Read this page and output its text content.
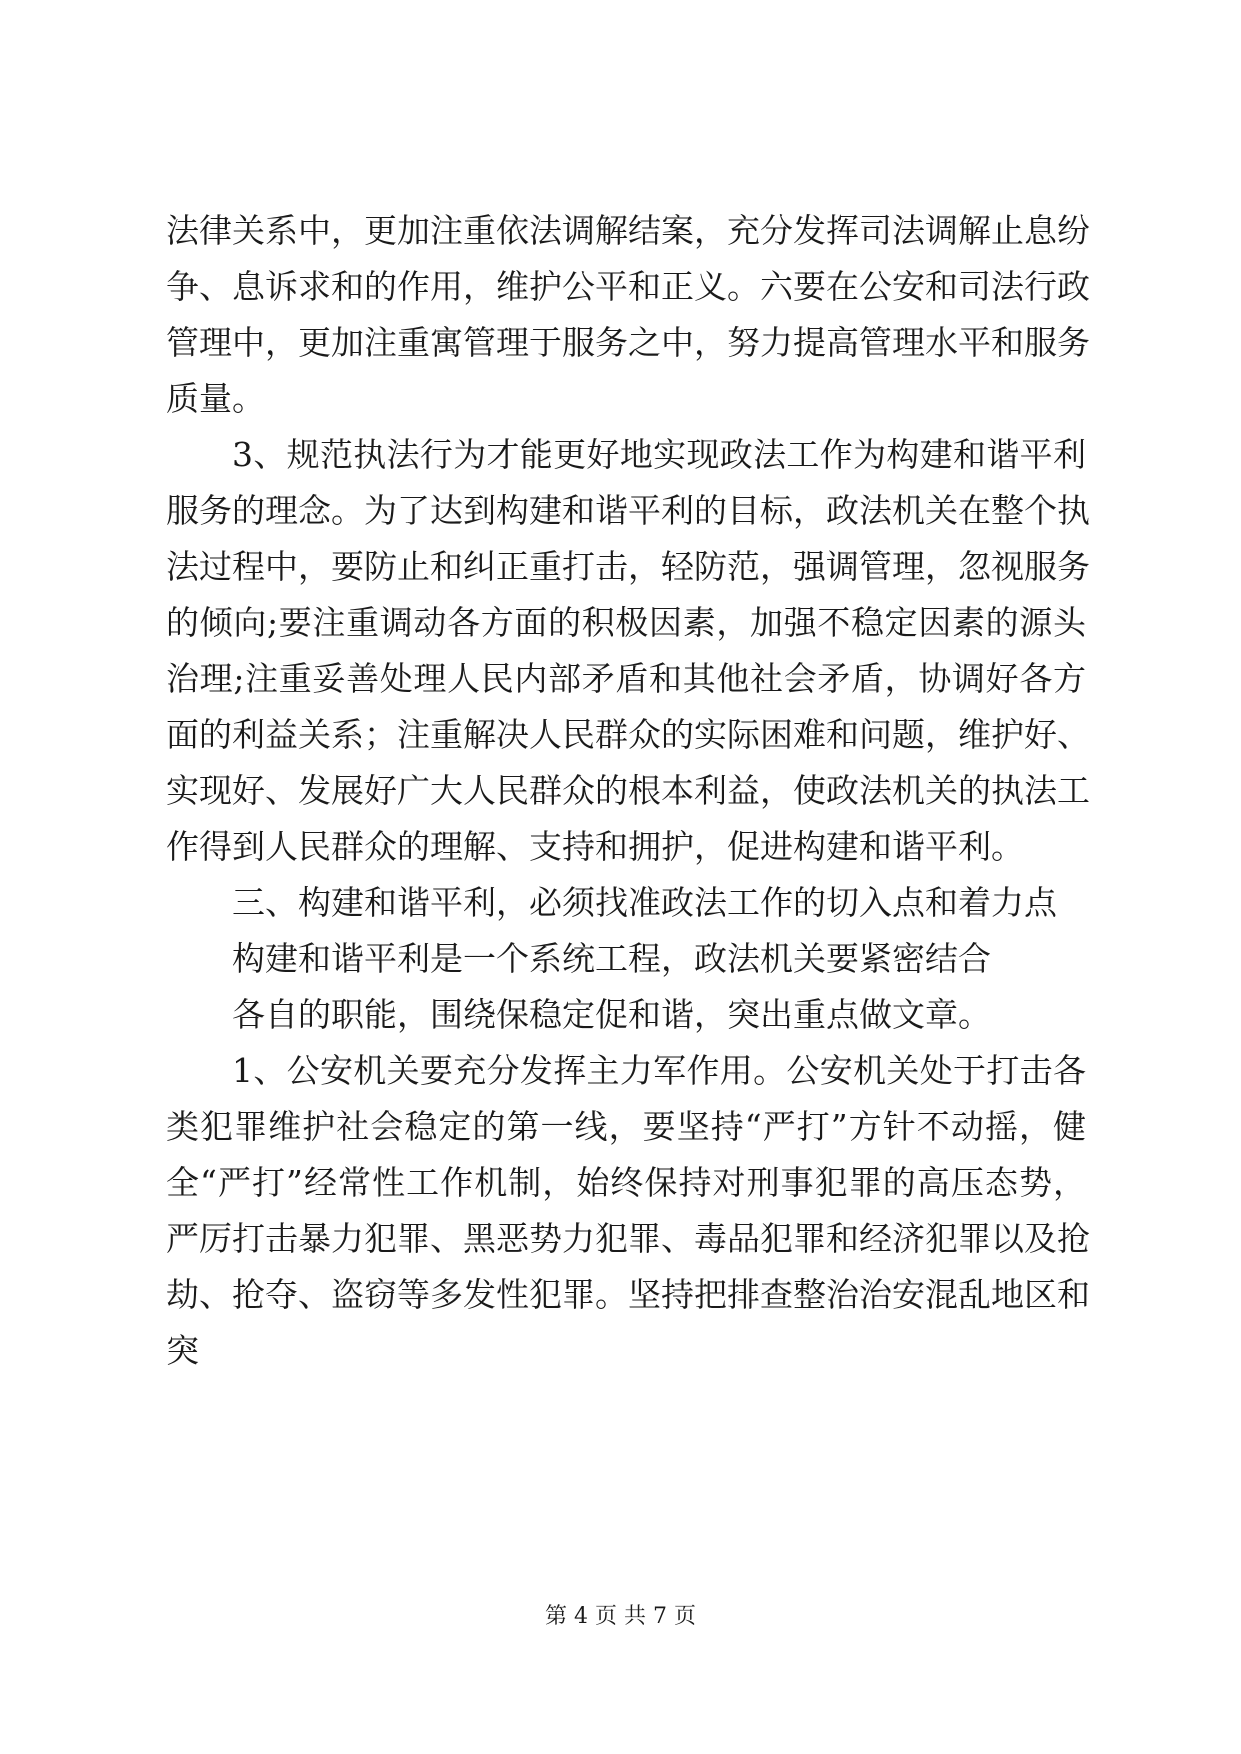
法律关系中，更加注重依法调解结案，充分发挥司法调解止息纷
争、息诉求和的作用，维护公平和正义。六要在公安和司法行政
管理中，更加注重寓管理于服务之中，努力提高管理水平和服务
质量。
3、规范执法行为才能更好地实现政法工作为构建和谐平利
服务的理念。为了达到构建和谐平利的目标，政法机关在整个执
法过程中，要防止和纠正重打击，轻防范，强调管理，忽视服务
的倾向;要注重调动各方面的积极因素，加强不稳定因素的源头
治理;注重妥善处理人民内部矛盾和其他社会矛盾，协调好各方
面的利益关系；注重解决人民群众的实际困难和问题，维护好、
实现好、发展好广大人民群众的根本利益，使政法机关的执法工
作得到人民群众的理解、支持和拥护，促进构建和谐平利。
三、构建和谐平利，必须找准政法工作的切入点和着力点
构建和谐平利是一个系统工程，政法机关要紧密结合
各自的职能，围绕保稳定促和谐，突出重点做文章。
1、公安机关要充分发挥主力军作用。公安机关处于打击各
类犯罪维护社会稳定的第一线，要坚持“严打”方针不动摇，健
全“严打”经常性工作机制，始终保持对刑事犯罪的高压态势，
严厉打击暴力犯罪、黑恶势力犯罪、毒品犯罪和经济犯罪以及抢
劫、抢夺、盗窃等多发性犯罪。坚持把排查整治治安混乱地区和
突
第 4 页 共 7 页
